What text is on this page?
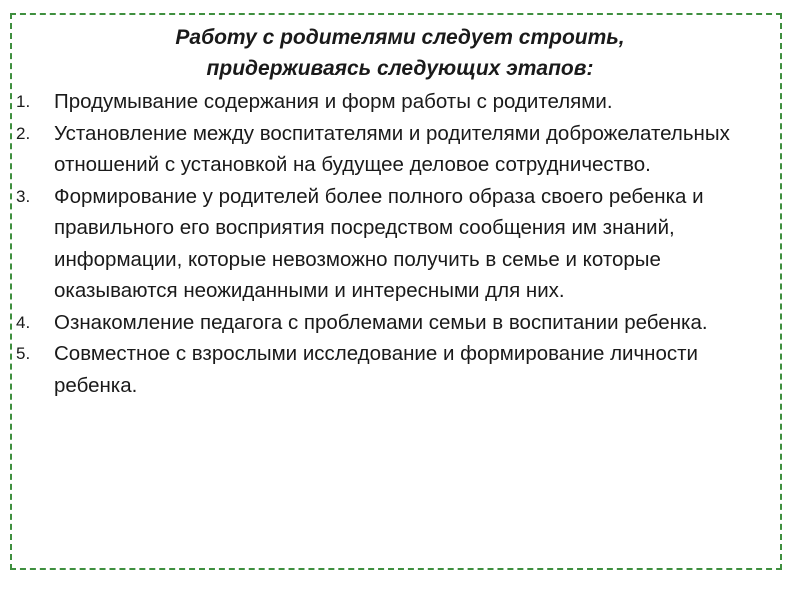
Работу с родителями следует строить,
придерживаясь следующих этапов:
1. Продумывание содержания и форм работы с родителями.
2. Установление между воспитателями и родителями доброжелательных отношений с установкой на будущее деловое сотрудничество.
3. Формирование у родителей более полного образа своего ребенка и правильного его восприятия посредством сообщения им знаний, информации, которые невозможно получить в семье и которые оказываются неожиданными и интересными для них.
4. Ознакомление педагога с проблемами семьи в воспитании ребенка.
5. Совместное с взрослыми исследование и формирование личности ребенка.
